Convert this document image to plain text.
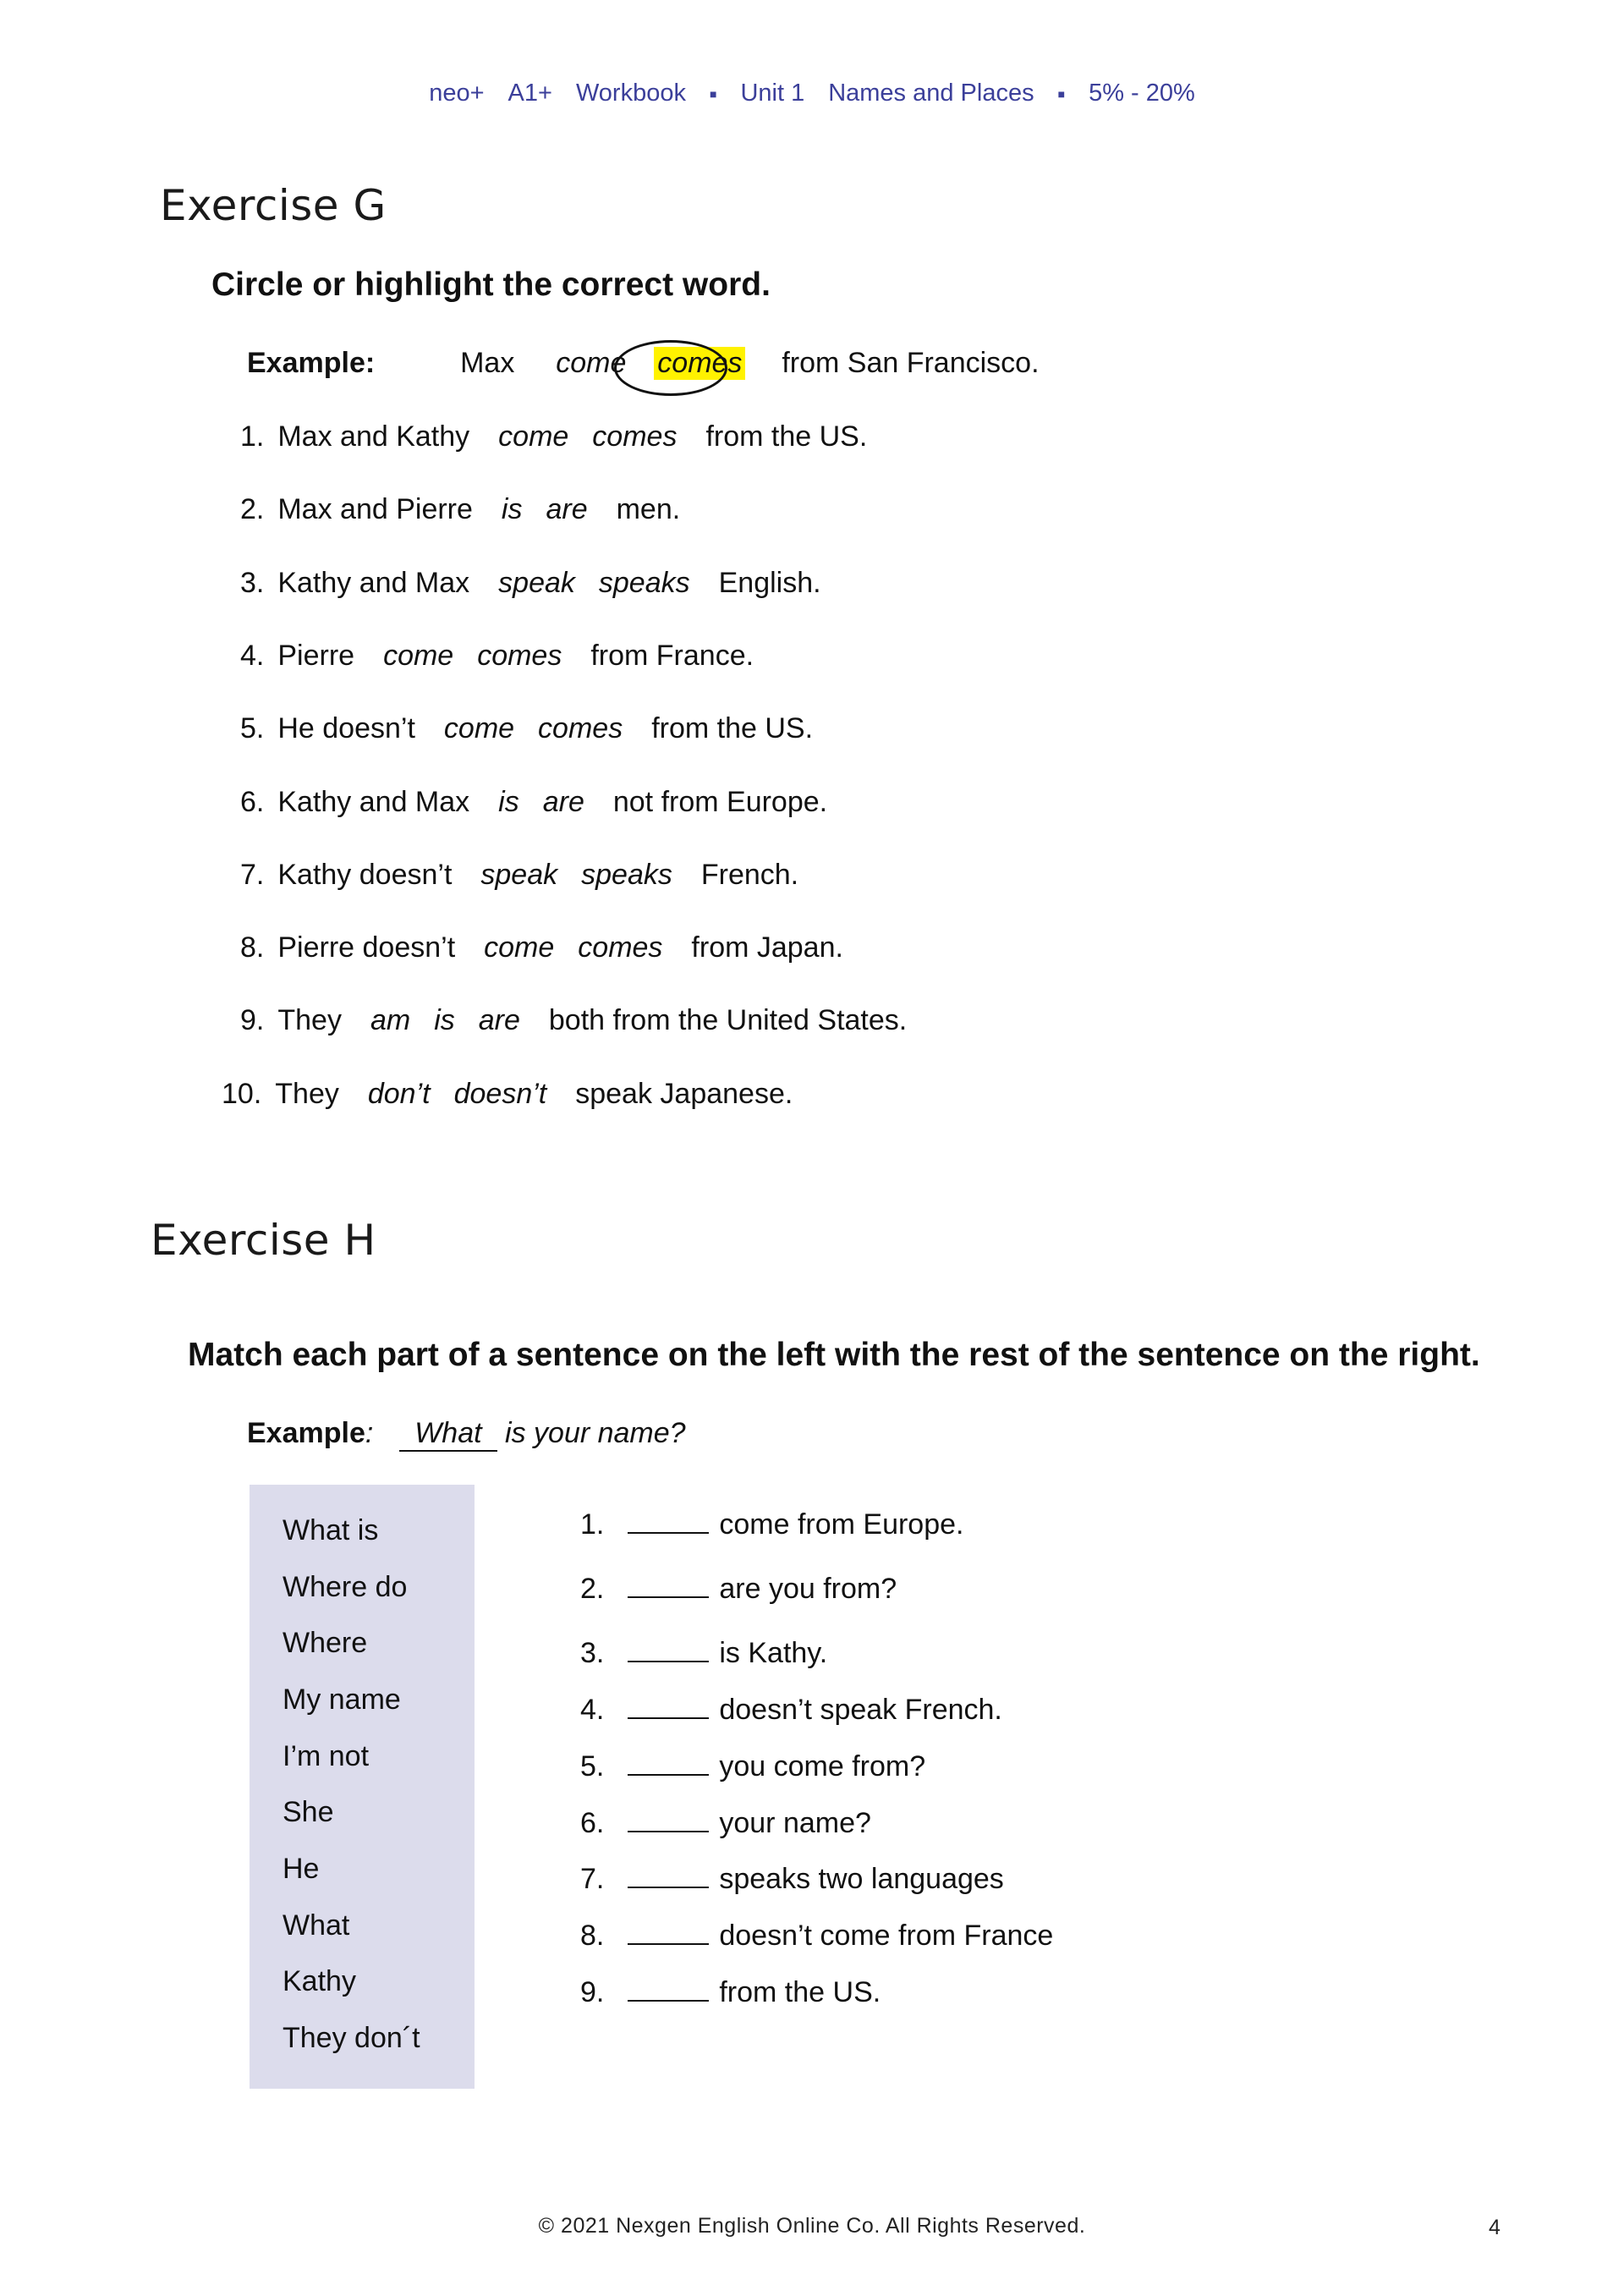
neo+ A1+ Workbook ■ Unit 1 Names and Places ■ 5% - 20%
Exercise G
Circle or highlight the correct word.
Example:	Max come comes from San Francisco.
1. Max and Kathy come comes from the US.
2. Max and Pierre is are men.
3. Kathy and Max speak speaks English.
4. Pierre come comes from France.
5. He doesn’t come comes from the US.
6. Kathy and Max is are not from Europe.
7. Kathy doesn’t speak speaks French.
8. Pierre doesn’t come comes from Japan.
9. They am is are both from the United States.
10. They don’t doesn’t speak Japanese.
Exercise H
Match each part of a sentence on the left with the rest of the sentence on the right.
Example: What is your name?
What is
Where do
Where
My name
I’m not
She
He
What
Kathy
They don´t
1.	come from Europe.
2.	are you from?
3.	is Kathy.
4.	doesn’t speak French.
5.	you come from?
6.	your name?
7.	speaks two languages
8.	doesn’t come from France
9.	from the US.
© 2021 Nexgen English Online Co. All Rights Reserved.	4
